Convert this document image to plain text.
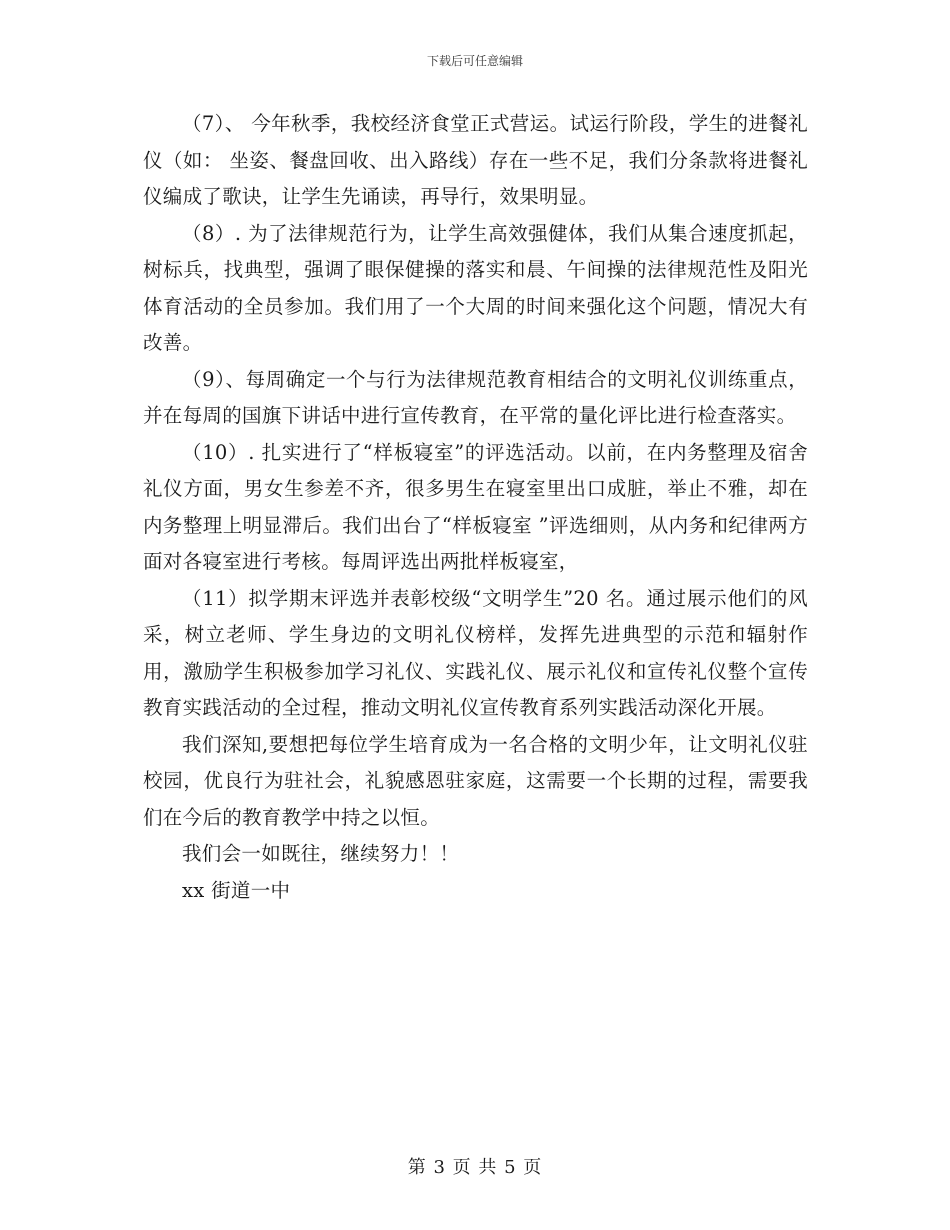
下载后可任意编辑

（7）、 今年秋季，我校经济食堂正式营运。试运行阶段，学生的进餐礼仪（如： 坐姿、餐盘回收、出入路线）存在一些不足，我们分条款将进餐礼仪编成了歌诀，让学生先诵读，再导行，效果明显。

（8）. 为了法律规范行为，让学生高效强健体，我们从集合速度抓起，树标兵，找典型，强调了眼保健操的落实和晨、午间操的法律规范性及阳光体育活动的全员参加。我们用了一个大周的时间来强化这个问题，情况大有改善。

（9）、每周确定一个与行为法律规范教育相结合的文明礼仪训练重点，并在每周的国旗下讲话中进行宣传教育，在平常的量化评比进行检查落实。

（10）. 扎实进行了“样板寝室”的评选活动。以前，在内务整理及宿舍礼仪方面，男女生参差不齐，很多男生在寝室里出口成脏，举止不雅，却在内务整理上明显滞后。我们出台了“样板寝室 ”评选细则，从内务和纪律两方面对各寝室进行考核。每周评选出两批样板寝室，

（11）拟学期末评选并表彰校级“文明学生”20 名。通过展示他们的风采，树立老师、学生身边的文明礼仪榜样，发挥先进典型的示范和辐射作用，激励学生积极参加学习礼仪、实践礼仪、展示礼仪和宣传礼仪整个宣传教育实践活动的全过程，推动文明礼仪宣传教育系列实践活动深化开展。

我们深知,要想把每位学生培育成为一名合格的文明少年，让文明礼仪驻校园，优良行为驻社会，礼貌感恩驻家庭，这需要一个长期的过程，需要我们在今后的教育教学中持之以恒。

我们会一如既往，继续努力！！

xx 街道一中

第 3 页 共 5 页
